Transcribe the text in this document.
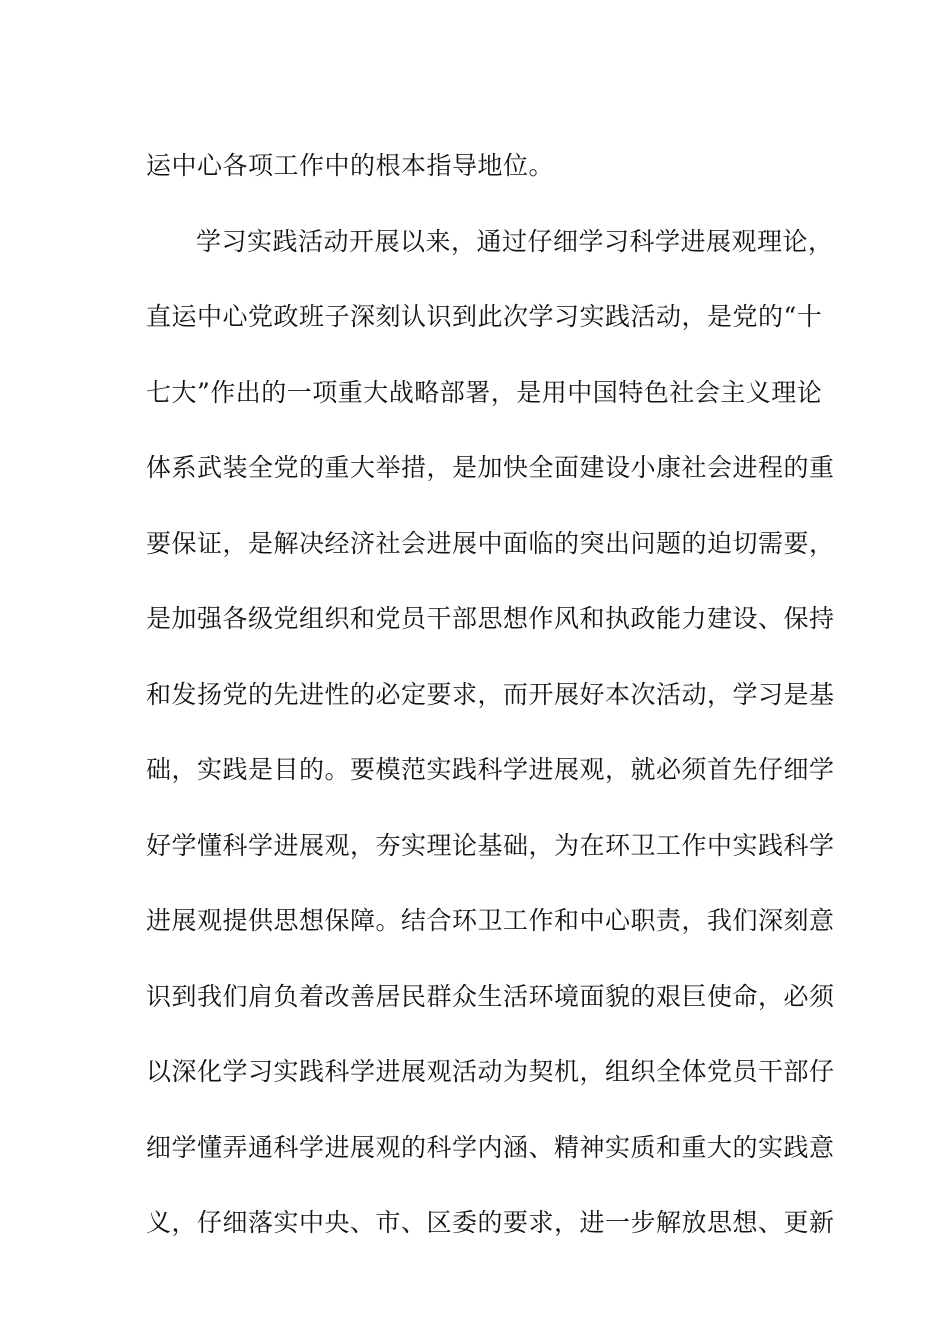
运中心各项工作中的根本指导地位。
学习实践活动开展以来，通过仔细学习科学进展观理论，
直运中心党政班子深刻认识到此次学习实践活动，是党的“十
七大”作出的一项重大战略部署，是用中国特色社会主义理论
体系武装全党的重大举措，是加快全面建设小康社会进程的重
要保证，是解决经济社会进展中面临的突出问题的迫切需要，
是加强各级党组织和党员干部思想作风和执政能力建设、保持
和发扬党的先进性的必定要求，而开展好本次活动，学习是基
础，实践是目的。要模范实践科学进展观，就必须首先仔细学
好学懂科学进展观，夯实理论基础，为在环卫工作中实践科学
进展观提供思想保障。结合环卫工作和中心职责，我们深刻意
识到我们肩负着改善居民群众生活环境面貌的艰巨使命，必须
以深化学习实践科学进展观活动为契机，组织全体党员干部仔
细学懂弄通科学进展观的科学内涵、精神实质和重大的实践意
义，仔细落实中央、市、区委的要求，进一步解放思想、更新
